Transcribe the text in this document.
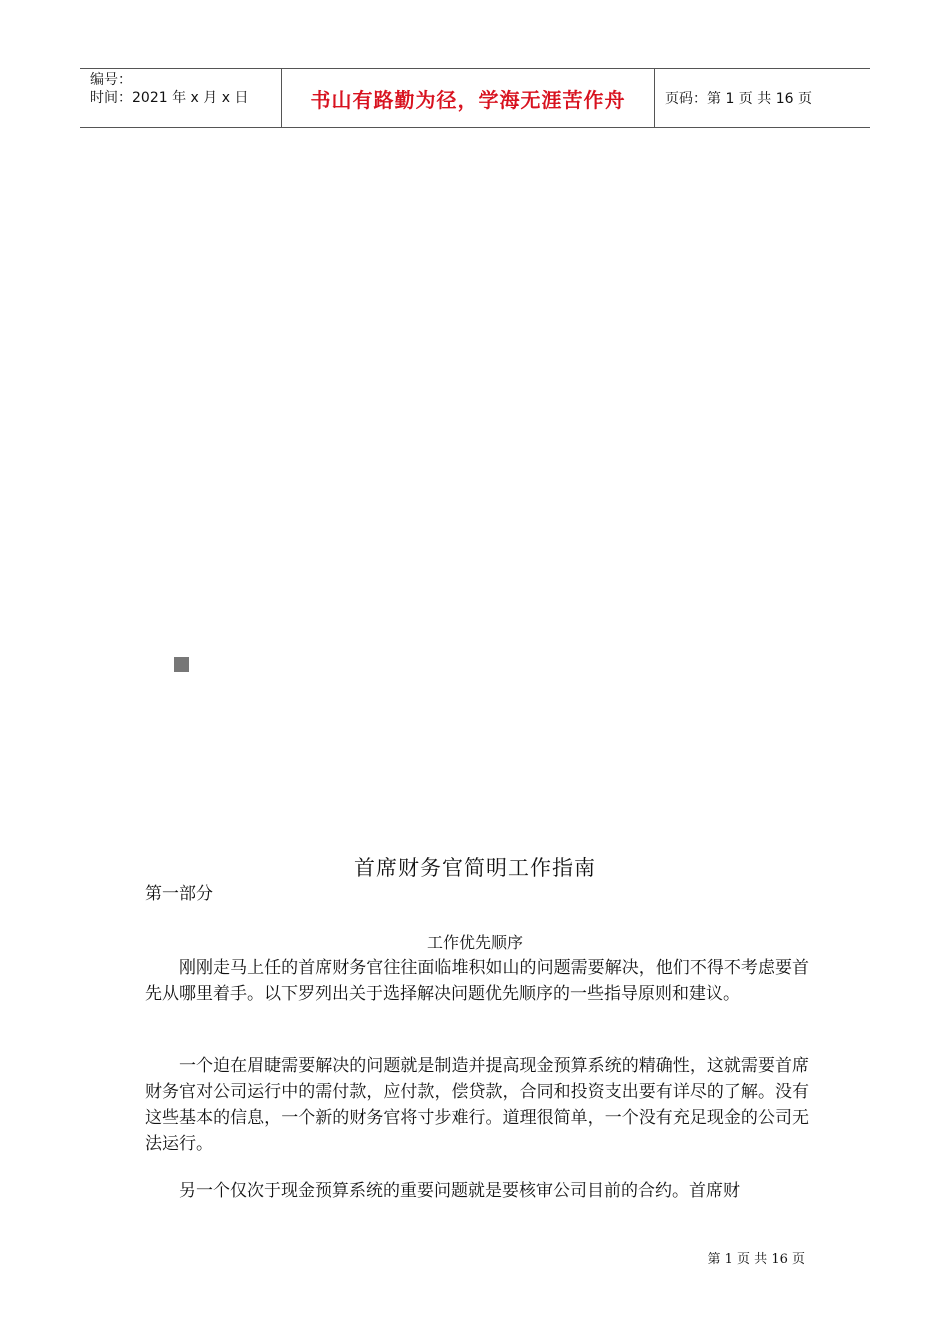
编号：
时间：2021 年 x 月 x 日	书山有路勤为径，学海无涯苦作舟	页码：第 1 页 共 16 页
首席财务官简明工作指南
第一部分
工作优先顺序
刚刚走马上任的首席财务官往往面临堆积如山的问题需要解决，他们不得不考虑要首先从哪里着手。以下罗列出关于选择解决问题优先顺序的一些指导原则和建议。
一个迫在眉睫需要解决的问题就是制造并提高现金预算系统的精确性，这就需要首席财务官对公司运行中的需付款，应付款，偿贷款，合同和投资支出要有详尽的了解。没有这些基本的信息，一个新的财务官将寸步难行。道理很简单，一个没有充足现金的公司无法运行。
另一个仅次于现金预算系统的重要问题就是要核审公司目前的合约。首席财
第 1 页 共 16 页
